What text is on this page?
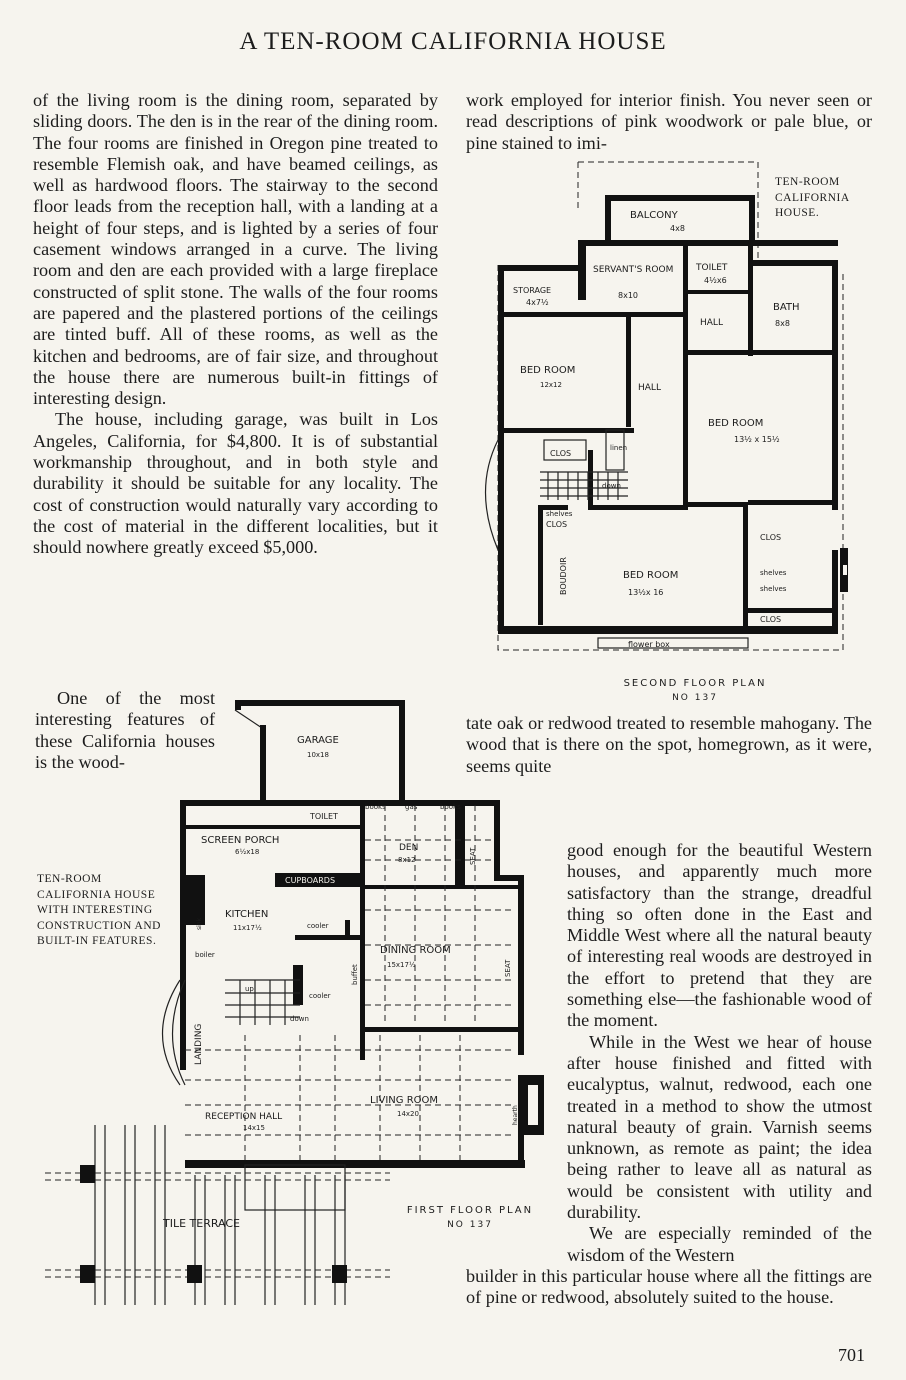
A TEN-ROOM CALIFORNIA HOUSE

of the living room is the dining room, separated by sliding doors. The den is in the rear of the dining room. The four rooms are finished in Oregon pine treated to resemble Flemish oak, and have beamed ceilings, as well as hardwood floors. The stairway to the second floor leads from the reception hall, with a landing at a height of four steps, and is lighted by a series of four casement windows arranged in a curve. The living room and den are each provided with a large fireplace constructed of split stone. The walls of the four rooms are papered and the plastered portions of the ceilings are tinted buff. All of these rooms, as well as the kitchen and bedrooms, are of fair size, and throughout the house there are numerous built-in fittings of interesting design.

The house, including garage, was built in Los Angeles, California, for $4,800. It is of substantial workmanship throughout, and in both style and durability it should be suitable for any locality. The cost of construction would naturally vary according to the cost of material in the different localities, but it should nowhere greatly exceed $5,000.

One of the most interesting features of these California houses is the wood-

work employed for interior finish. You never seen or read descriptions of pink woodwork or pale blue, or pine stained to imi-

tate oak or redwood treated to resemble mahogany. The wood that is there on the spot, homegrown, as it were, seems quite

good enough for the beautiful Western houses, and apparently much more satisfactory than the strange, dreadful thing so often done in the East and Middle West where all the natural beauty of interesting real woods are destroyed in the effort to pretend that they are something else—the fashionable wood of the moment.

While in the West we hear of house after house finished and fitted with eucalyptus, walnut, redwood, each one treated in a method to show the utmost natural beauty of grain. Varnish seems unknown, as remote as paint; the idea being rather to leave all as natural as would be consistent with utility and durability.

We are especially reminded of the wisdom of the Western

builder in this particular house where all the fittings are of pine or redwood, absolutely suited to the house.

TEN-ROOM CALIFORNIA HOUSE.
TEN-ROOM CALIFORNIA HOUSE WITH INTERESTING CONSTRUCTION AND BUILT-IN FEATURES.
BALCONY
4x8
SERVANT'S ROOM
8x10
TOILET
4½x6
STORAGE
4x7½	BATH
8x8
HALL
BED ROOM
12x12	HALL
BED ROOM
13½ x 15½
CLOS
linen
down
shelves
CLOS
BOUDOIR	BED ROOM
13½x 16
CLOS
shelves
shelves
CLOS
flower box
SECOND FLOOR PLAN
NO 137
GARAGE
10x18
TOILET
books	gas	books
SCREEN PORCH
6½x18	DEN
8x12	SEAT
CUPBOARDS
KITCHEN
11x17½	cooler
sink
boiler	DINING ROOM
15x17½
buffet	SEAT
cooler
LANDING
up
down
RECEPTION HALL
14x15
LIVING ROOM
14x20	hearth
TILE TERRACE
FIRST FLOOR PLAN
NO 137
701
